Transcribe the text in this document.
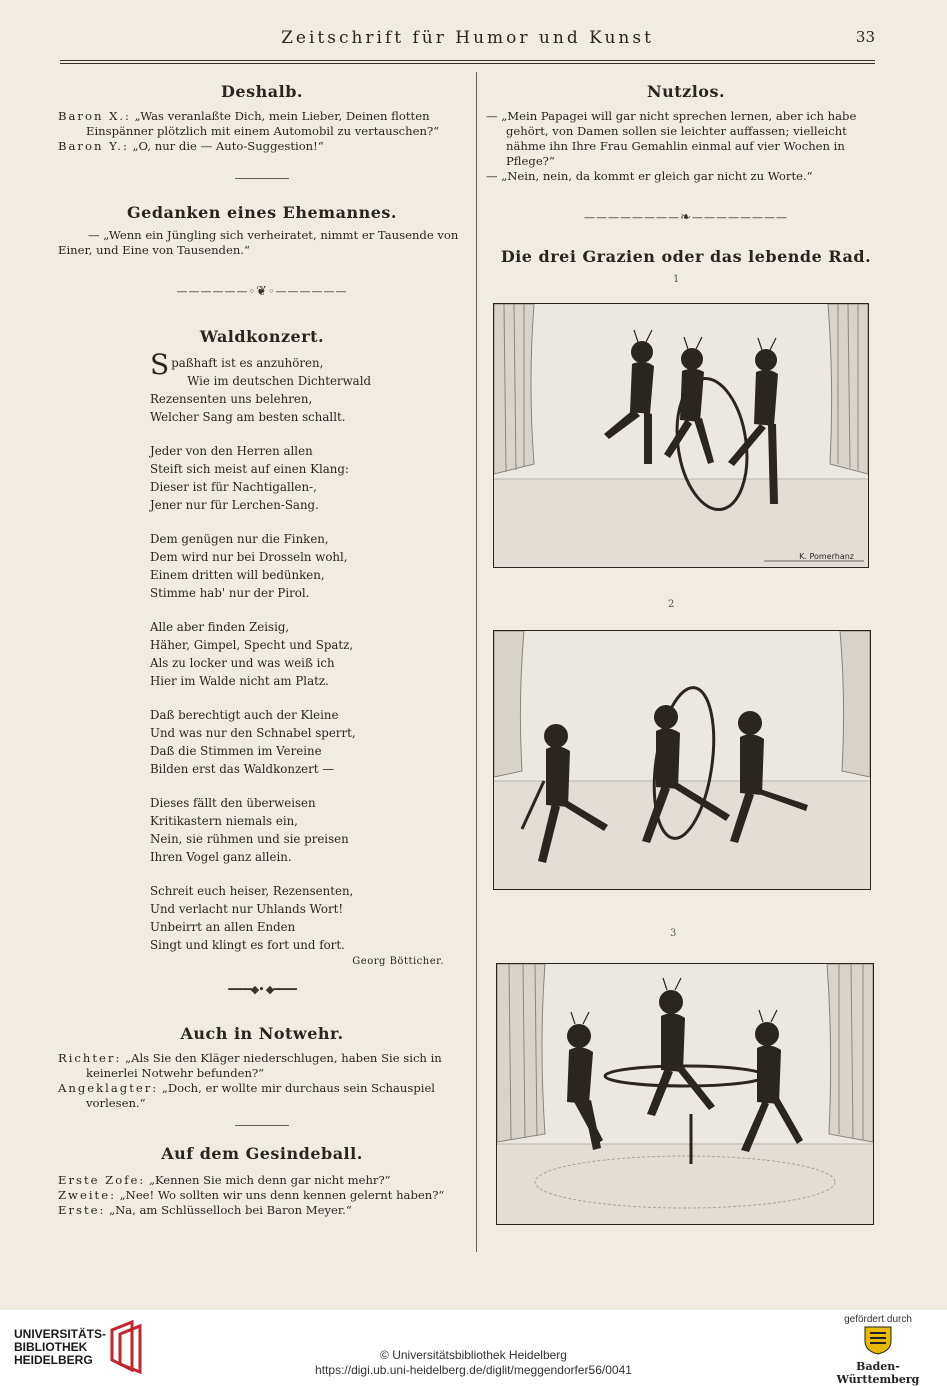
Zeitschrift für Humor und Kunst	33
Deshalb.

Baron X.: „Was veranlaßte Dich, mein Lieber, Deinen flotten Einspänner plötzlich mit einem Automobil zu vertauschen?“

Baron Y.: „O, nur die — Auto-Suggestion!“

Gedanken eines Ehemannes.

— „Wenn ein Jüngling sich verheiratet, nimmt er Tausende von Einer, und Eine von Tausenden.“

——————◦❦◦——————
Waldkonzert.
Spaßhaft ist es anzuhören,
Wie im deutschen Dichterwald
Rezensenten uns belehren,
Welcher Sang am besten schallt.
Jeder von den Herren allen
Steift sich meist auf einen Klang:
Dieser ist für Nachtigallen-,
Jener nur für Lerchen-Sang.
Dem genügen nur die Finken,
Dem wird nur bei Drosseln wohl,
Einem dritten will bedünken,
Stimme hab' nur der Pirol.
Alle aber finden Zeisig,
Häher, Gimpel, Specht und Spatz,
Als zu locker und was weiß ich
Hier im Walde nicht am Platz.
Daß berechtigt auch der Kleine
Und was nur den Schnabel sperrt,
Daß die Stimmen im Vereine
Bilden erst das Waldkonzert —
Dieses fällt den überweisen
Kritikastern niemals ein,
Nein, sie rühmen und sie preisen
Ihren Vogel ganz allein.
Schreit euch heiser, Rezensenten,
Und verlacht nur Uhlands Wort!
Unbeirrt an allen Enden
Singt und klingt es fort und fort.
Georg Bötticher.
━━━━◆•◆━━━━
Auch in Notwehr.

Richter: „Als Sie den Kläger niederschlugen, haben Sie sich in keinerlei Notwehr befunden?“

Angeklagter: „Doch, er wollte mir durchaus sein Schauspiel vorlesen.“

Auf dem Gesindeball.

Erste Zofe: „Kennen Sie mich denn gar nicht mehr?“

Zweite: „Nee! Wo sollten wir uns denn kennen gelernt haben?“

Erste: „Na, am Schlüsselloch bei Baron Meyer.“

Nutzlos.

— „Mein Papagei will gar nicht sprechen lernen, aber ich habe gehört, von Damen sollen sie leichter auffassen; vielleicht nähme ihn Ihre Frau Gemahlin einmal auf vier Wochen in Pflege?“

— „Nein, nein, da kommt er gleich gar nicht zu Worte.“

————————❧————————
Die drei Grazien oder das lebende Rad.
1
K. Pomerhanz
2
3
UNIVERSITÄTS-
BIBLIOTHEK
HEIDELBERG	© Universitätsbibliothek Heidelberg
https://digi.ub.uni-heidelberg.de/diglit/meggendorfer56/0041
gefördert durch
Baden-Württemberg
